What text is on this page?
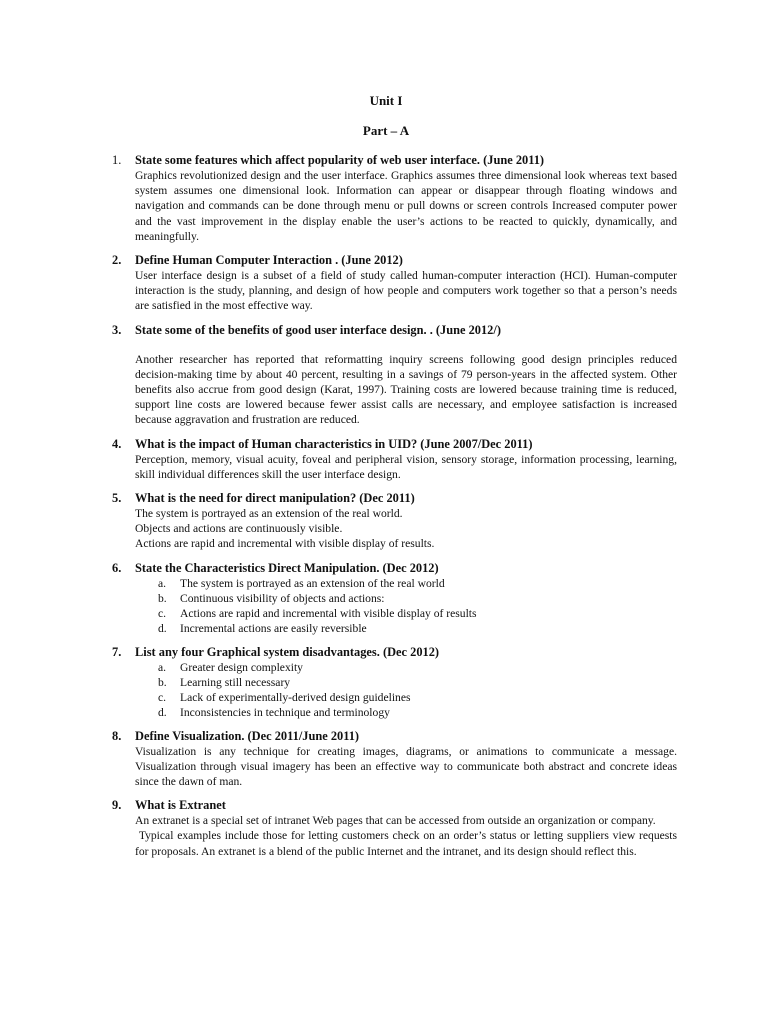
Unit I
Part – A
1.	State some features which affect popularity of web user interface. (June 2011)

Graphics revolutionized design and the user interface. Graphics assumes three dimensional look whereas text based system assumes one dimensional look. Information can appear or disappear through floating windows and navigation and commands can be done through menu or pull downs or screen controls Increased computer power and the vast improvement in the display enable the user’s actions to be reacted to quickly, dynamically, and meaningfully.

2.	Define Human Computer Interaction . (June 2012)

User interface design is a subset of a field of study called human-computer interaction (HCI). Human-computer interaction is the study, planning, and design of how people and computers work together so that a person’s needs are satisfied in the most effective way.

3.	State some of the benefits of good user interface design. . (June 2012/)

Another researcher has reported that reformatting inquiry screens following good design principles reduced decision-making time by about 40 percent, resulting in a savings of 79 person-years in the affected system. Other benefits also accrue from good design (Karat, 1997). Training costs are lowered because training time is reduced, support line costs are lowered because fewer assist calls are necessary, and employee satisfaction is increased because aggravation and frustration are reduced.

4.	What is the impact of Human characteristics in UID? (June 2007/Dec 2011)

Perception, memory, visual acuity, foveal and peripheral vision, sensory storage, information processing, learning, skill individual differences skill the user interface design.

5.	What is the need for direct manipulation? (Dec 2011)

The system is portrayed as an extension of the real world.

Objects and actions are continuously visible.

Actions are rapid and incremental with visible display of results.

6.	State the Characteristics Direct Manipulation. (Dec 2012)
a. The system is portrayed as an extension of the real world
b. Continuous visibility of objects and actions:
c. Actions are rapid and incremental with visible display of results
d. Incremental actions are easily reversible
7.	List any four Graphical system disadvantages. (Dec 2012)
a. Greater design complexity
b. Learning still necessary
c. Lack of experimentally-derived design guidelines
d. Inconsistencies in technique and terminology
8.	Define Visualization. (Dec 2011/June 2011)

Visualization is any technique for creating images, diagrams, or animations to communicate a message. Visualization through visual imagery has been an effective way to communicate both abstract and concrete ideas since the dawn of man.

9.	What is Extranet

An extranet is a special set of intranet Web pages that can be accessed from outside an organization or company.

Typical examples include those for letting customers check on an order’s status or letting suppliers view requests for proposals. An extranet is a blend of the public Internet and the intranet, and its design should reflect this.
